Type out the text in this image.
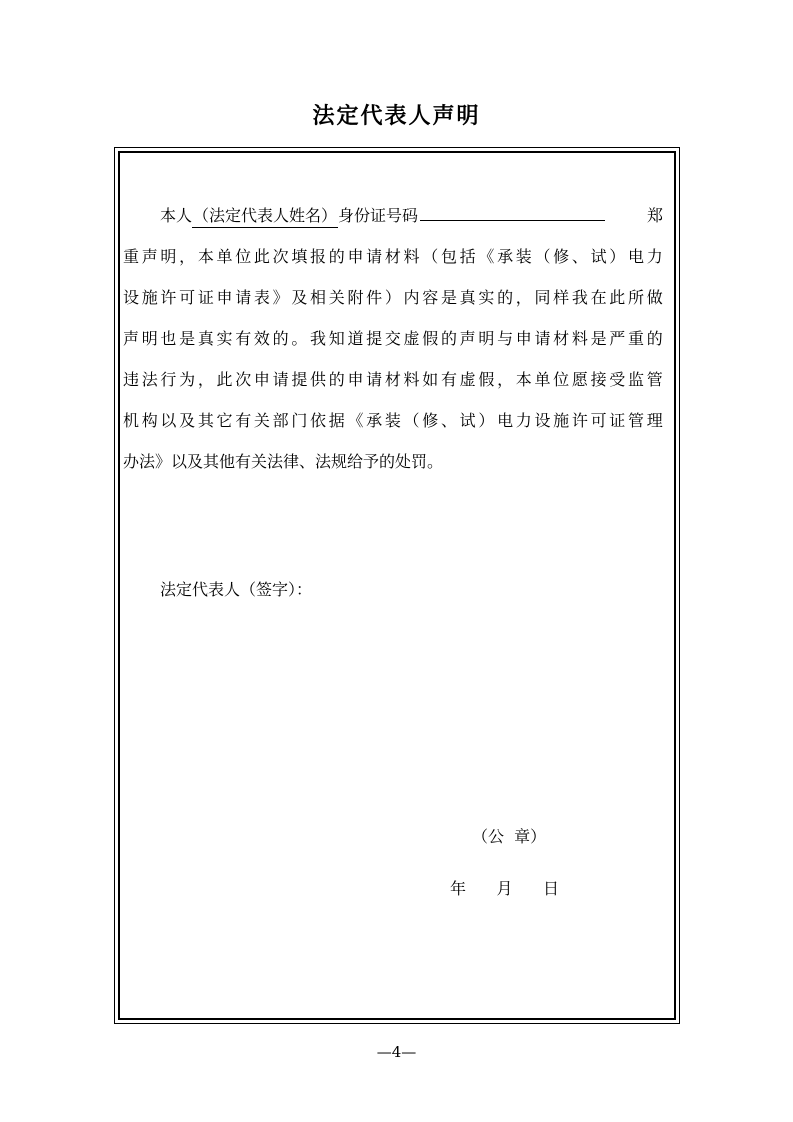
法定代表人声明
本人 （法定代表人姓名） 身份证号码	郑
重 声 明 ， 本 单 位 此 次 填 报 的 申 请 材 料 （ 包 括 《 承 装 （ 修 、 试 ） 电 力
设 施 许 可 证 申 请 表 》 及 相 关 附 件 ） 内 容 是 真 实 的 ， 同 样 我 在 此 所 做
声 明 也 是 真 实 有 效 的 。 我 知 道 提 交 虚 假 的 声 明 与 申 请 材 料 是 严 重 的
违 法 行 为 ， 此 次 申 请 提 供 的 申 请 材 料 如 有 虚 假 ， 本 单 位 愿 接 受 监 管
机 构 以 及 其 它 有 关 部 门 依 据 《 承 装 （ 修 、 试 ） 电 力 设 施 许 可 证 管 理
办法》以及其他有关法律、法规给予的处罚。
法定代表人（签字）：
（公  章）
年      月      日
—4—
